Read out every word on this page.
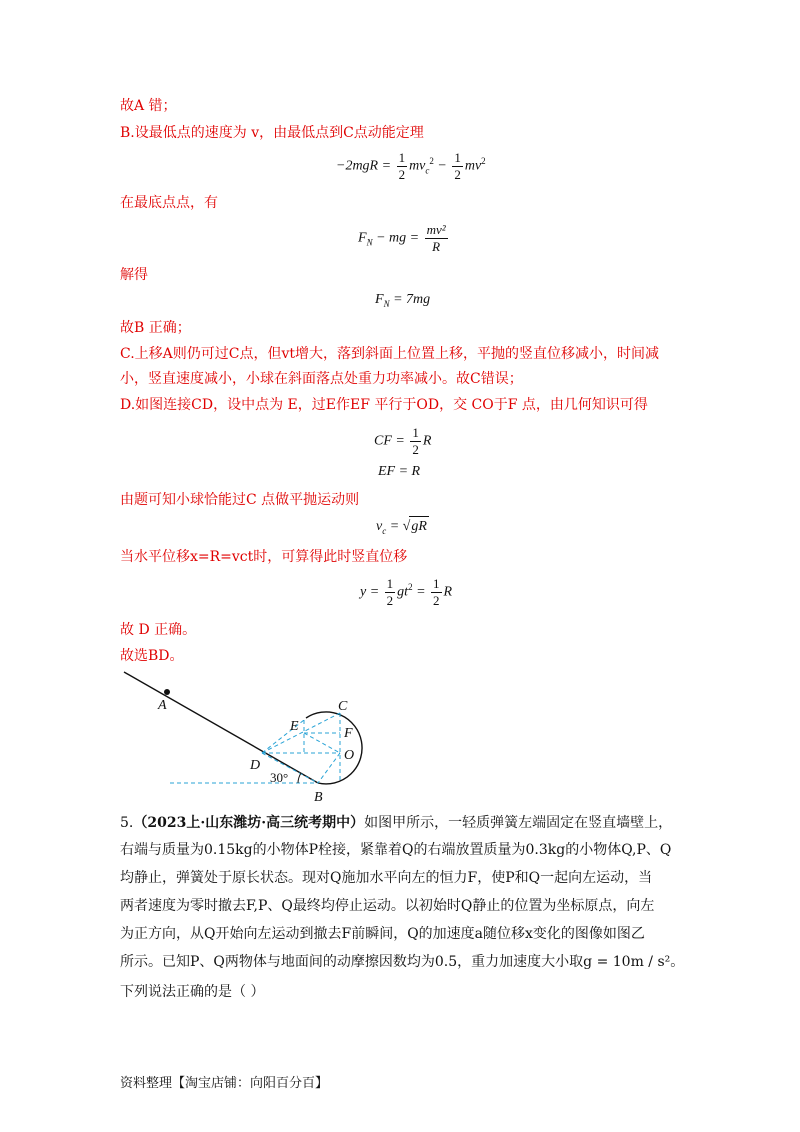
故A 错；
B.设最低点的速度为 v，由最低点到C点动能定理
$-2mgR = \frac{1}{2} mv_c^2 - \frac{1}{2} mv^2$
在最底点点，有
$F_N$ − mg = $\frac{\text{mv²}}{R}$
解得
$F_N = 7mg$
故B 正确；
C.上移A则仍可过C点，但vt增大，落到斜面上位置上移，平抛的竖直位移减小，时间减
小，竖直速度减小，小球在斜面落点处重力功率减小。故C错误；
D.如图连接CD，设中点为 E，过E作EF 平行于OD，交 CO于F 点，由几何知识可得
CF = $\frac{1}{2}$ R
EF = R
由题可知小球恰能过C 点做平抛运动则
$v_c = √gR$
当水平位移x=R=vct时，可算得此时竖直位移
$y = \frac{1}{2} gt^2 = \frac{1}{2}$ R
故 D 正确。
故选BD。
A	C
E	F
O
D
B
30°
5.（2023上·山东潍坊·高三统考期中）如图甲所示，一轻质弹簧左端固定在竖直墙壁上，
右端与质量为0.15kg的小物体P栓接，紧靠着Q的右端放置质量为0.3kg的小物体Q,P、Q
均静止，弹簧处于原长状态。现对Q施加水平向左的恒力F，使P和Q一起向左运动，当
两者速度为零时撤去F,P、Q最终均停止运动。以初始时Q静止的位置为坐标原点，向左
为正方向，从Q开始向左运动到撤去F前瞬间，Q的加速度a随位移x变化的图像如图乙
所示。已知P、Q两物体与地面间的动摩擦因数均为0.5，重力加速度大小取g = 10m / s²。
下列说法正确的是（ ）
资料整理【淘宝店铺：向阳百分百】
